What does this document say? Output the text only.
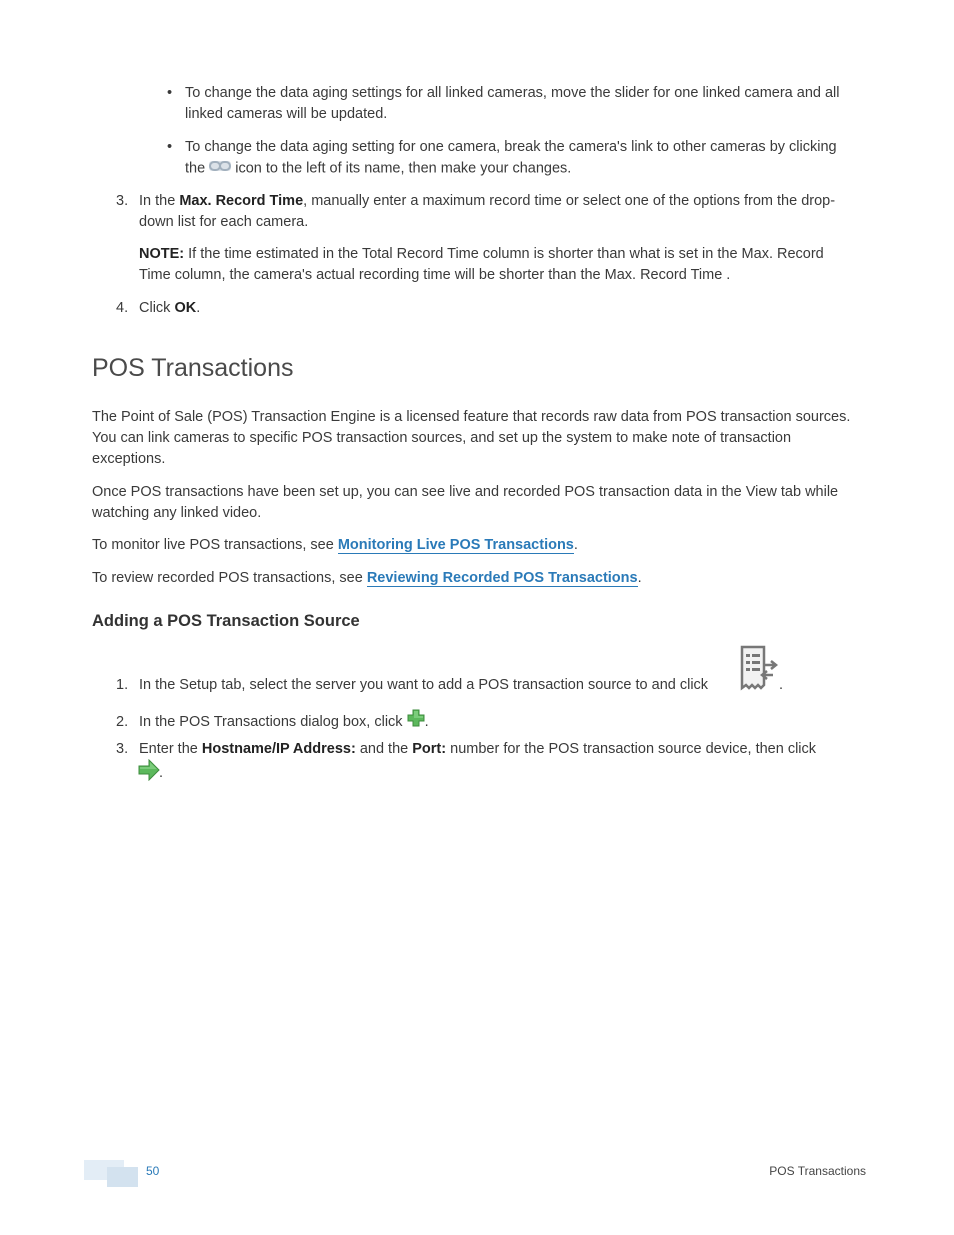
• To change the data aging settings for all linked cameras, move the slider for one linked camera and all linked cameras will be updated.
• To change the data aging setting for one camera, break the camera's link to other cameras by clicking the icon to the left of its name, then make your changes.
3. In the Max. Record Time, manually enter a maximum record time or select one of the options from the drop-down list for each camera.
NOTE: If the time estimated in the Total Record Time column is shorter than what is set in the Max. Record Time column, the camera's actual recording time will be shorter than the Max. Record Time .
4. Click OK.
POS Transactions
The Point of Sale (POS) Transaction Engine is a licensed feature that records raw data from POS transaction sources. You can link cameras to specific POS transaction sources, and set up the system to make note of transaction exceptions.
Once POS transactions have been set up, you can see live and recorded POS transaction data in the View tab while watching any linked video.
To monitor live POS transactions, see Monitoring Live POS Transactions.
To review recorded POS transactions, see Reviewing Recorded POS Transactions.
Adding a POS Transaction Source
1. In the Setup tab, select the server you want to add a POS transaction source to and click	.
2. In the POS Transactions dialog box, click .
3. Enter the Hostname/IP Address: and the Port: number for the POS transaction source device, then click
.
50	POS Transactions
